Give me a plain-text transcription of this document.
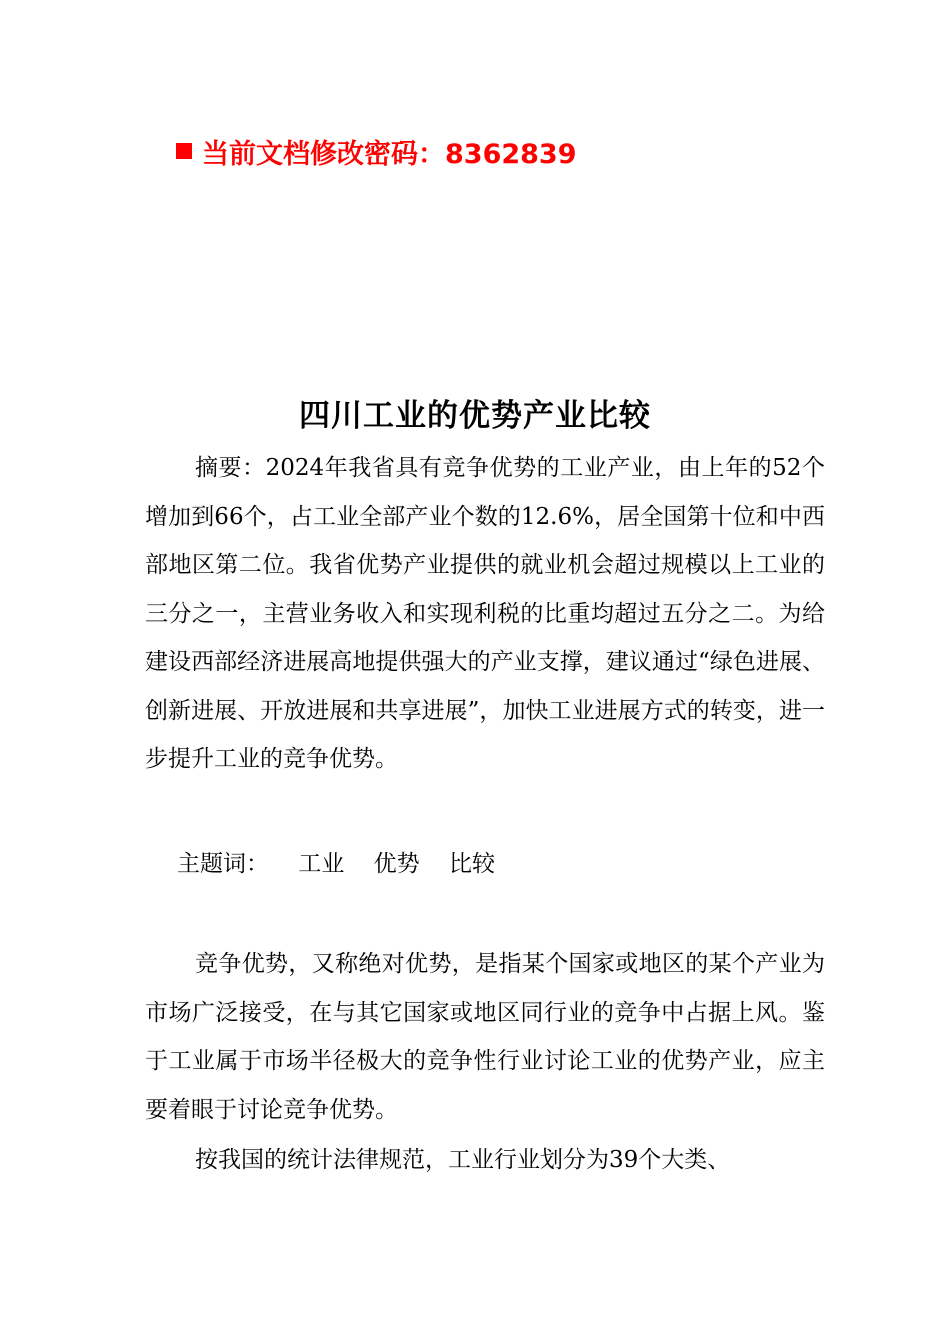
当前文档修改密码：8362839
四川工业的优势产业比较

摘要：2024年我省具有竞争优势的工业产业，由上年的52个增加到66个，占工业全部产业个数的12.6%，居全国第十位和中西部地区第二位。我省优势产业提供的就业机会超过规模以上工业的三分之一，主营业务收入和实现利税的比重均超过五分之二。为给建设西部经济进展高地提供强大的产业支撑，建议通过“绿色进展、创新进展、开放进展和共享进展”，加快工业进展方式的转变，进一步提升工业的竞争优势。

主题词： 工业 优势 比较

竞争优势，又称绝对优势，是指某个国家或地区的某个产业为市场广泛接受，在与其它国家或地区同行业的竞争中占据上风。鉴于工业属于市场半径极大的竞争性行业讨论工业的优势产业，应主要着眼于讨论竞争优势。

按我国的统计法律规范，工业行业划分为39个大类、
